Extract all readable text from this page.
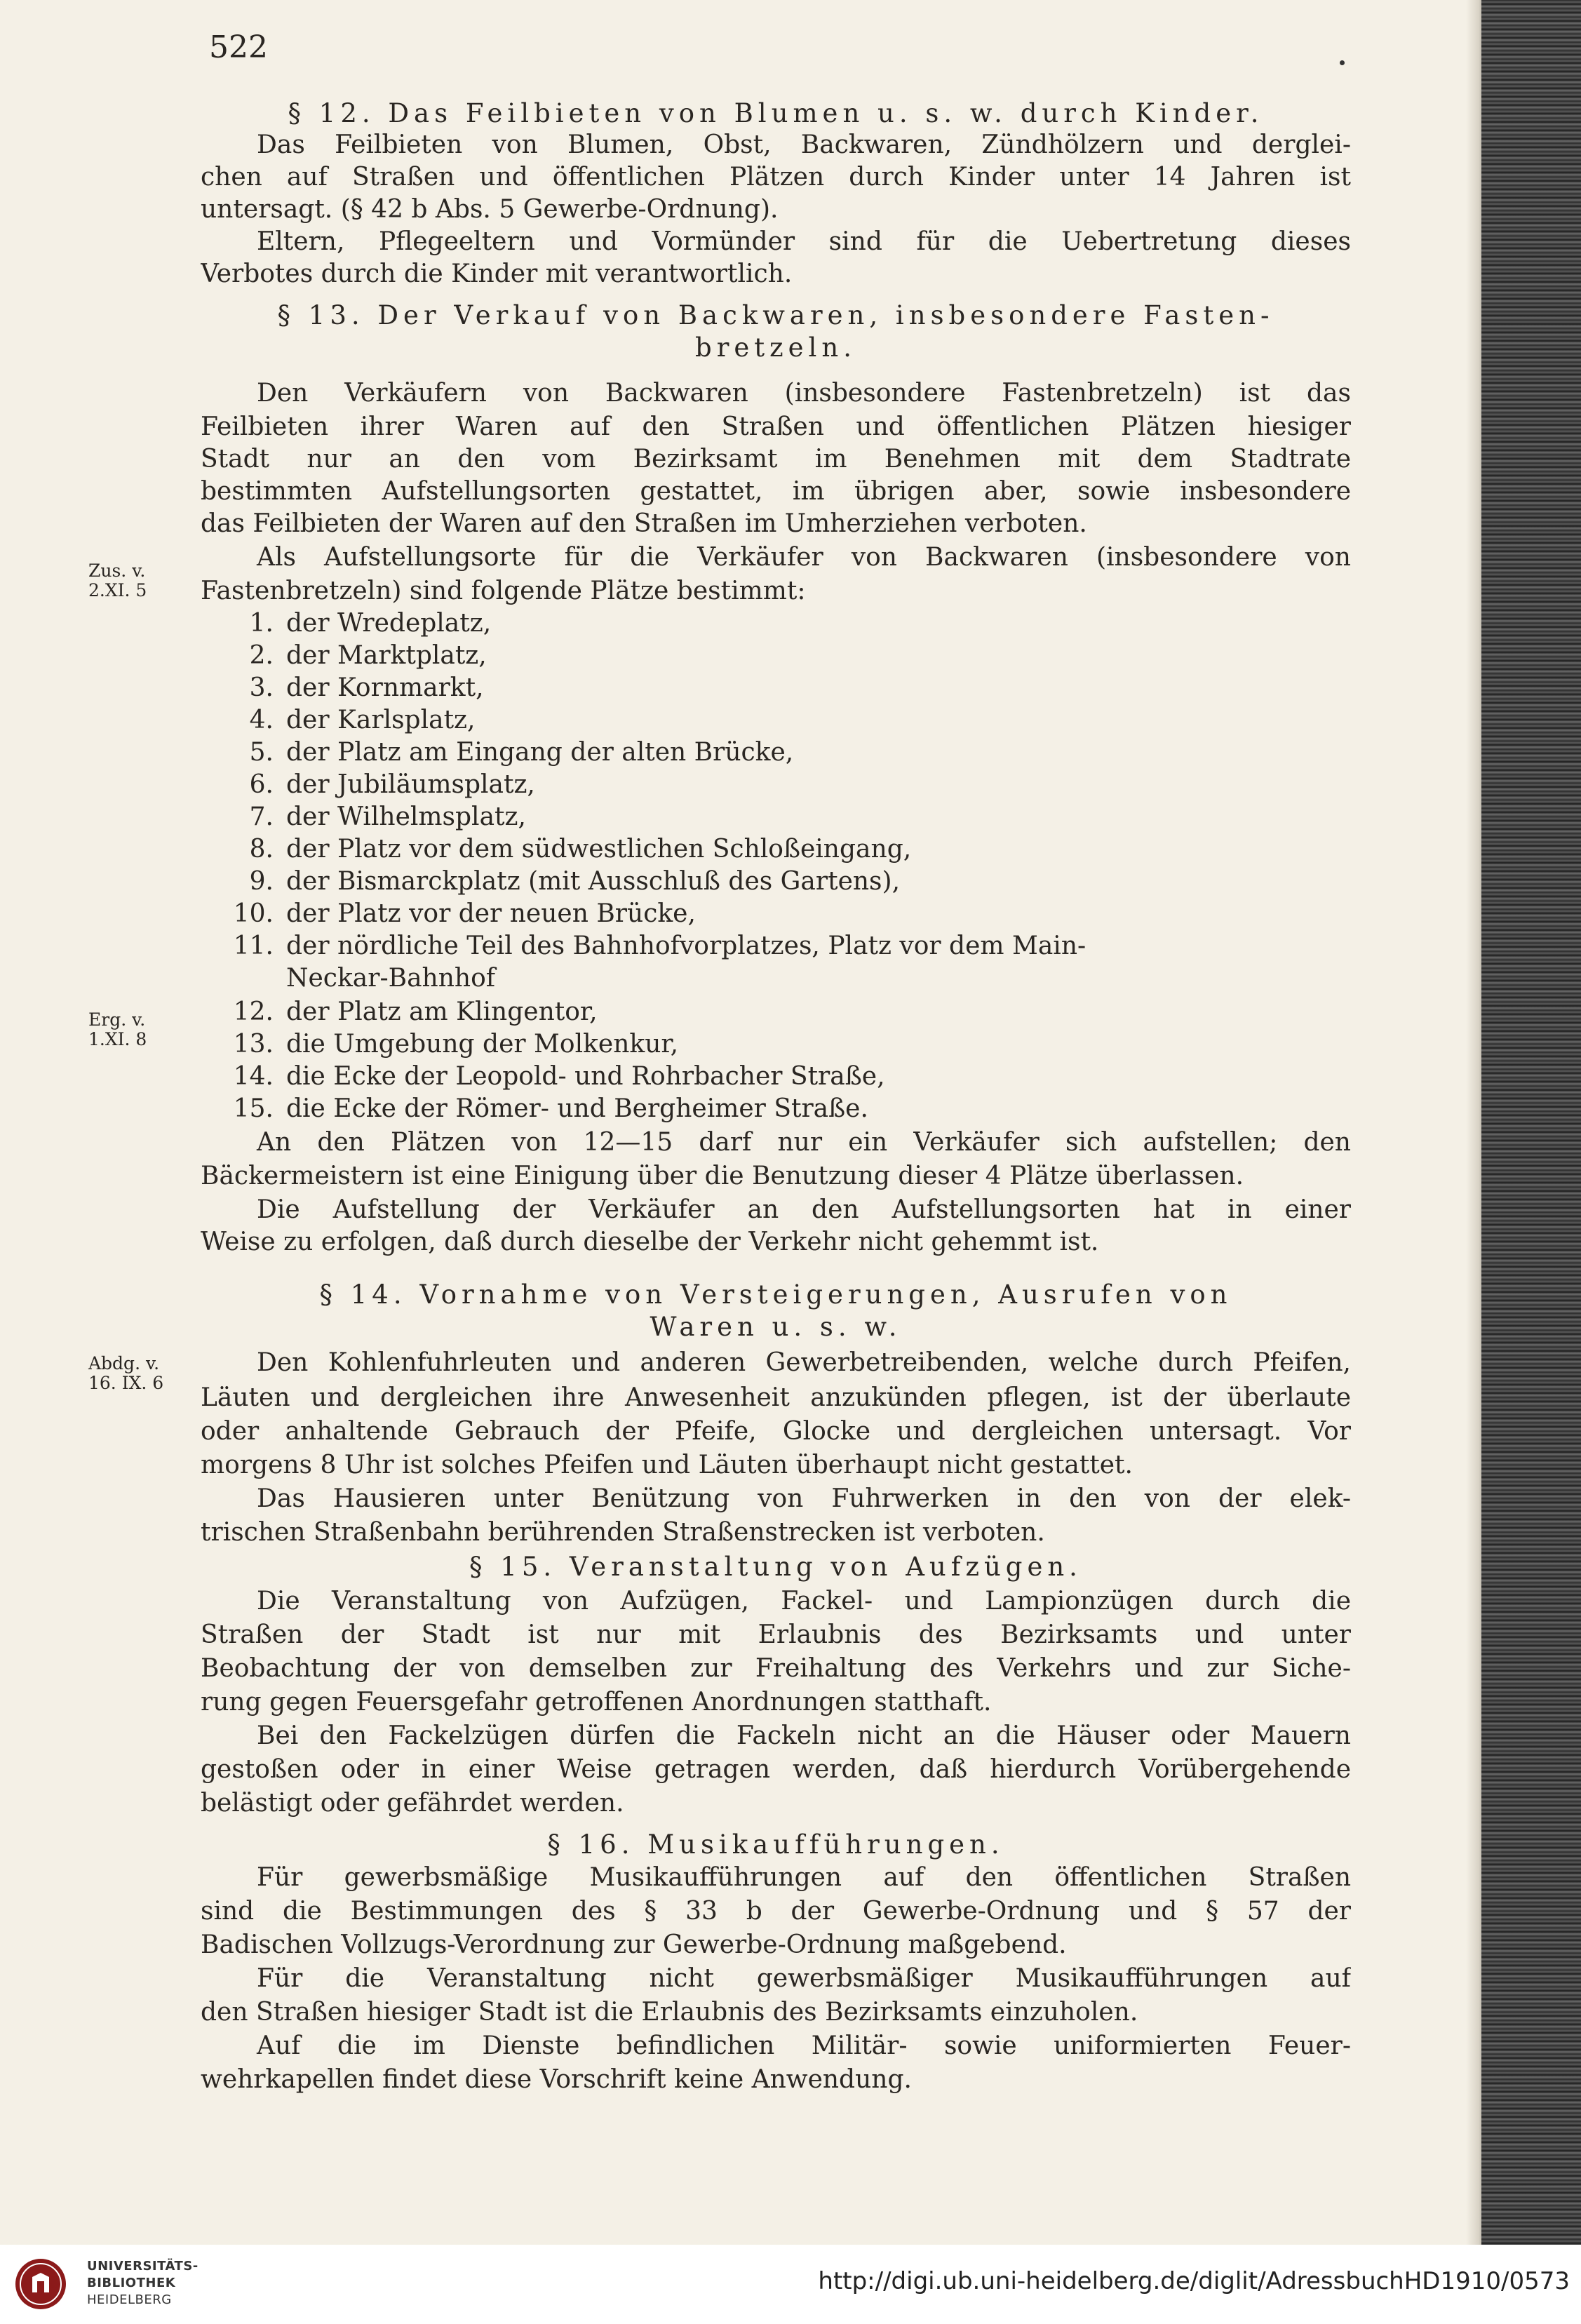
522
§ 12. Das Feilbieten von Blumen u. s. w. durch Kinder.
Das Feilbieten von Blumen, Obst, Backwaren, Zündhölzern und derglei-
chen auf Straßen und öffentlichen Plätzen durch Kinder unter 14 Jahren ist
untersagt. (§ 42 b Abs. 5 Gewerbe-Ordnung).
Eltern, Pflegeeltern und Vormünder sind für die Uebertretung dieses
Verbotes durch die Kinder mit verantwortlich.
§ 13. Der Verkauf von Backwaren, insbesondere Fasten-
bretzeln.
Den Verkäufern von Backwaren (insbesondere Fastenbretzeln) ist das
Feilbieten ihrer Waren auf den Straßen und öffentlichen Plätzen hiesiger
Stadt nur an den vom Bezirksamt im Benehmen mit dem Stadtrate
bestimmten Aufstellungsorten gestattet, im übrigen aber, sowie insbesondere
das Feilbieten der Waren auf den Straßen im Umherziehen verboten.
Als Aufstellungsorte für die Verkäufer von Backwaren (insbesondere von
Fastenbretzeln) sind folgende Plätze bestimmt:
Zus. v.
2.XI. 5
1. der Wredeplatz,
2. der Marktplatz,
3. der Kornmarkt,
4. der Karlsplatz,
5. der Platz am Eingang der alten Brücke,
6. der Jubiläumsplatz,
7. der Wilhelmsplatz,
8. der Platz vor dem südwestlichen Schloßeingang,
9. der Bismarckplatz (mit Ausschluß des Gartens),
10. der Platz vor der neuen Brücke,
11. der nördliche Teil des Bahnhofvorplatzes, Platz vor dem Main-
Neckar-Bahnhof
Erg. v.
1.XI. 8
12. der Platz am Klingentor,
13. die Umgebung der Molkenkur,
14. die Ecke der Leopold- und Rohrbacher Straße,
15. die Ecke der Römer- und Bergheimer Straße.
An den Plätzen von 12—15 darf nur ein Verkäufer sich aufstellen; den
Bäckermeistern ist eine Einigung über die Benutzung dieser 4 Plätze überlassen.
Die Aufstellung der Verkäufer an den Aufstellungsorten hat in einer
Weise zu erfolgen, daß durch dieselbe der Verkehr nicht gehemmt ist.
§ 14. Vornahme von Versteigerungen, Ausrufen von
Waren u. s. w.
Abdg. v.
16. IX. 6
Den Kohlenfuhrleuten und anderen Gewerbetreibenden, welche durch Pfeifen,
Läuten und dergleichen ihre Anwesenheit anzukünden pflegen, ist der überlaute
oder anhaltende Gebrauch der Pfeife, Glocke und dergleichen untersagt. Vor
morgens 8 Uhr ist solches Pfeifen und Läuten überhaupt nicht gestattet.
Das Hausieren unter Benützung von Fuhrwerken in den von der elek-
trischen Straßenbahn berührenden Straßenstrecken ist verboten.
§ 15. Veranstaltung von Aufzügen.
Die Veranstaltung von Aufzügen, Fackel- und Lampionzügen durch die
Straßen der Stadt ist nur mit Erlaubnis des Bezirksamts und unter
Beobachtung der von demselben zur Freihaltung des Verkehrs und zur Siche-
rung gegen Feuersgefahr getroffenen Anordnungen statthaft.
Bei den Fackelzügen dürfen die Fackeln nicht an die Häuser oder Mauern
gestoßen oder in einer Weise getragen werden, daß hierdurch Vorübergehende
belästigt oder gefährdet werden.
§ 16. Musikaufführungen.
Für gewerbsmäßige Musikaufführungen auf den öffentlichen Straßen
sind die Bestimmungen des § 33 b der Gewerbe-Ordnung und § 57 der
Badischen Vollzugs-Verordnung zur Gewerbe-Ordnung maßgebend.
Für die Veranstaltung nicht gewerbsmäßiger Musikaufführungen auf
den Straßen hiesiger Stadt ist die Erlaubnis des Bezirksamts einzuholen.
Auf die im Dienste befindlichen Militär- sowie uniformierten Feuer-
wehrkapellen findet diese Vorschrift keine Anwendung.
UNIVERSITÄTS-
BIBLIOTHEK
HEIDELBERG
http://digi.ub.uni-heidelberg.de/diglit/AdressbuchHD1910/0573
